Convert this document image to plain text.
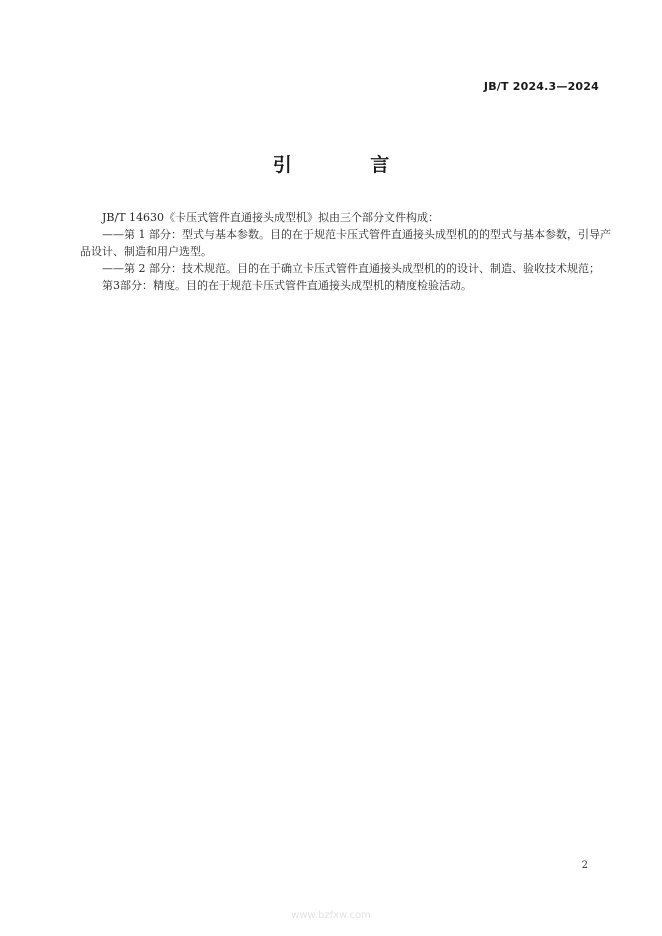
JB/T 2024.3—2024
引 言

JB/T 14630《卡压式管件直通接头成型机》拟由三个部分文件构成：

——第 1 部分：型式与基本参数。目的在于规范卡压式管件直通接头成型机的的型式与基本参数，引导产品设计、制造和用户选型。

——第 2 部分：技术规范。目的在于确立卡压式管件直通接头成型机的的设计、制造、验收技术规范；

第3部分：精度。目的在于规范卡压式管件直通接头成型机的精度检验活动。

2
www.bzfxw.com
